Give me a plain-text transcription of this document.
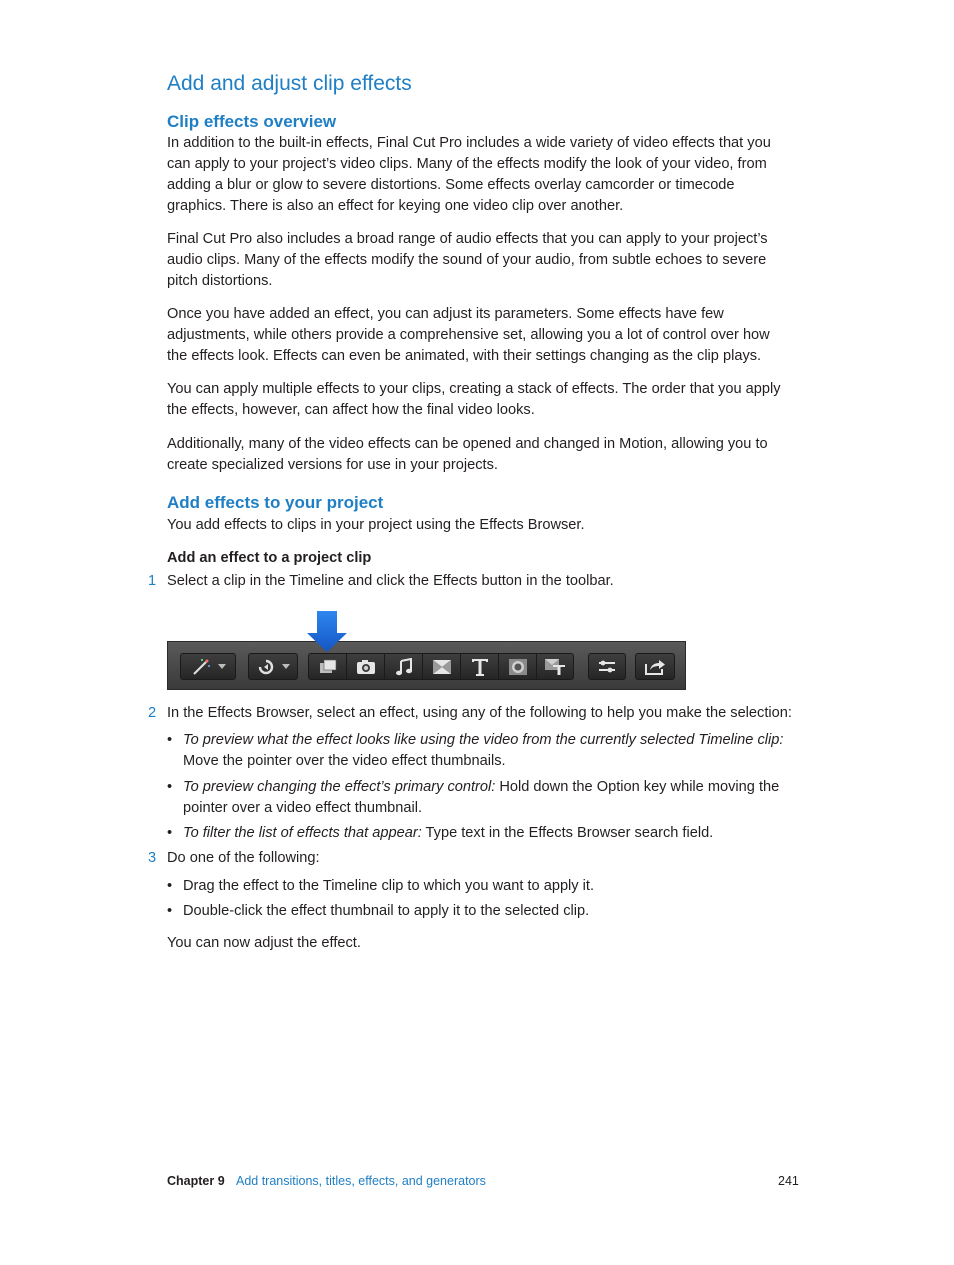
Add and adjust clip effects
Clip effects overview

In addition to the built-in effects, Final Cut Pro includes a wide variety of video effects that you can apply to your project’s video clips. Many of the effects modify the look of your video, from adding a blur or glow to severe distortions. Some effects overlay camcorder or timecode graphics. There is also an effect for keying one video clip over another.

Final Cut Pro also includes a broad range of audio effects that you can apply to your project’s audio clips. Many of the effects modify the sound of your audio, from subtle echoes to severe pitch distortions.

Once you have added an effect, you can adjust its parameters. Some effects have few adjustments, while others provide a comprehensive set, allowing you a lot of control over how the effects look. Effects can even be animated, with their settings changing as the clip plays.

You can apply multiple effects to your clips, creating a stack of effects. The order that you apply the effects, however, can affect how the final video looks.

Additionally, many of the video effects can be opened and changed in Motion, allowing you to create specialized versions for use in your projects.

Add effects to your project

You add effects to clips in your project using the Effects Browser.

Add an effect to a project clip
1 Select a clip in the Timeline and click the Effects button in the toolbar.
2 In the Effects Browser, select an effect, using any of the following to help you make the selection:
• To preview what the effect looks like using the video from the currently selected Timeline clip: Move the pointer over the video effect thumbnails.
• To preview changing the effect’s primary control: Hold down the Option key while moving the pointer over a video effect thumbnail.
• To filter the list of effects that appear: Type text in the Effects Browser search field.
3 Do one of the following:
• Drag the effect to the Timeline clip to which you want to apply it.
• Double-click the effect thumbnail to apply it to the selected clip.

You can now adjust the effect.

Chapter 9 Add transitions, titles, effects, and generators	241
